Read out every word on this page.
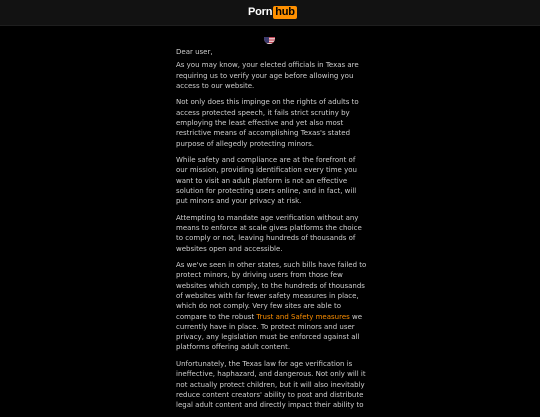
Porn hub

Dear user,

As you may know, your elected officials in Texas are requiring us to verify your age before allowing you access to our website.

Not only does this impinge on the rights of adults to access protected speech, it fails strict scrutiny by employing the least effective and yet also most restrictive means of accomplishing Texas's stated purpose of allegedly protecting minors.

While safety and compliance are at the forefront of our mission, providing identification every time you want to visit an adult platform is not an effective solution for protecting users online, and in fact, will put minors and your privacy at risk.

Attempting to mandate age verification without any means to enforce at scale gives platforms the choice to comply or not, leaving hundreds of thousands of websites open and accessible.

As we've seen in other states, such bills have failed to protect minors, by driving users from those few websites which comply, to the hundreds of thousands of websites with far fewer safety measures in place, which do not comply. Very few sites are able to compare to the robust Trust and Safety measures we currently have in place. To protect minors and user privacy, any legislation must be enforced against all platforms offering adult content.

Unfortunately, the Texas law for age verification is ineffective, haphazard, and dangerous. Not only will it not actually protect children, but it will also inevitably reduce content creators' ability to post and distribute legal adult content and directly impact their ability to
